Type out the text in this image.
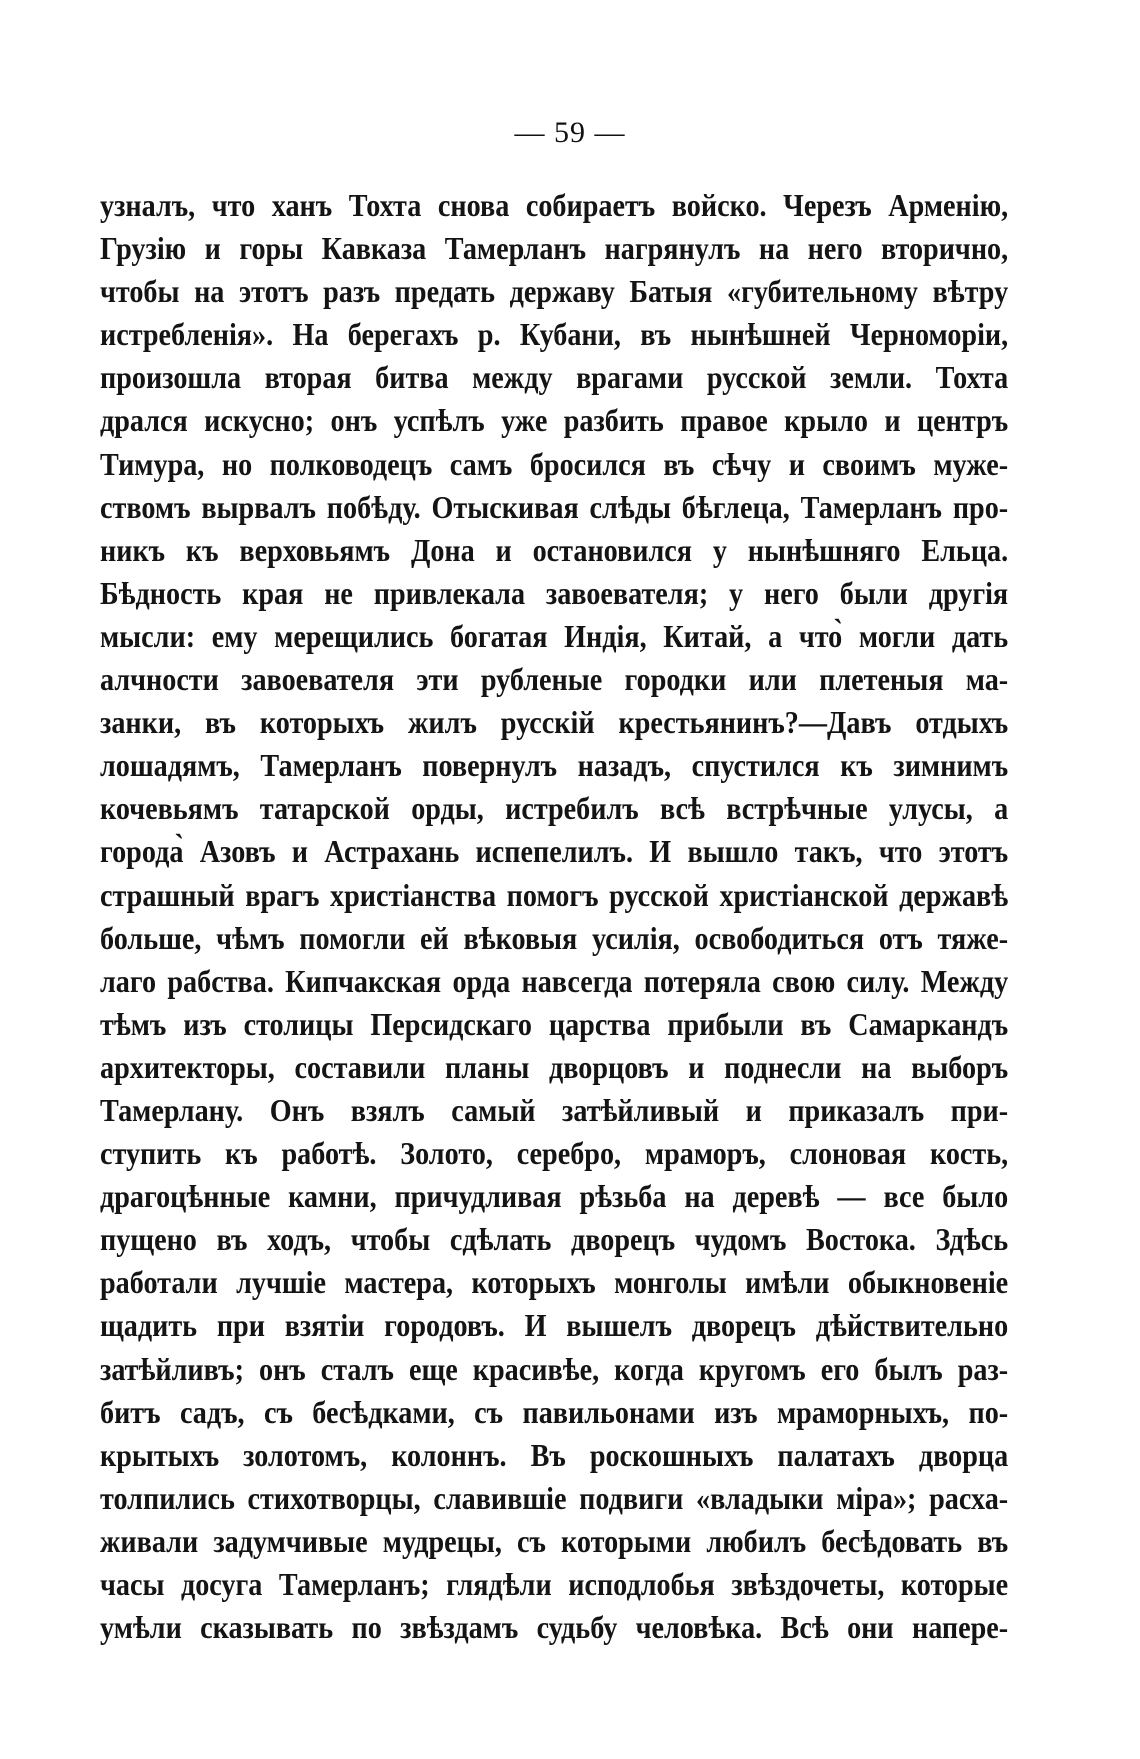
— 59 —
узналъ, что ханъ Тохта снова собираетъ войско. Черезъ Арменію,
Грузію и горы Кавказа Тамерланъ нагрянулъ на него вторично,
чтобы на этотъ разъ предать державу Батыя «губительному вѣтру
истребленія». На берегахъ р. Кубани, въ нынѣшней Черноморіи,
произошла вторая битва между врагами русской земли. Тохта
дрался искусно; онъ успѣлъ уже разбить правое крыло и центръ
Тимура, но полководецъ самъ бросился въ сѣчу и своимъ муже-
ствомъ вырвалъ побѣду. Отыскивая слѣды бѣглеца, Тамерланъ про-
никъ къ верховьямъ Дона и остановился у нынѣшняго Ельца.
Бѣдность края не привлекала завоевателя; у него были другія
мысли: ему мерещились богатая Индія, Китай, а что̀ могли дать
алчности завоевателя эти рубленые городки или плетеныя ма-
занки, въ которыхъ жилъ русскій крестьянинъ?—Давъ отдыхъ
лошадямъ, Тамерланъ повернулъ назадъ, спустился къ зимнимъ
кочевьямъ татарской орды, истребилъ всѣ встрѣчные улусы, а
города̀ Азовъ и Астрахань испепелилъ. И вышло такъ, что этотъ
страшный врагъ христіанства помогъ русской христіанской державѣ
больше, чѣмъ помогли ей вѣковыя усилія, освободиться отъ тяже-
лаго рабства. Кипчакская орда навсегда потеряла свою силу. Между
тѣмъ изъ столицы Персидскаго царства прибыли въ Самаркандъ
архитекторы, составили планы дворцовъ и поднесли на выборъ
Тамерлану. Онъ взялъ самый затѣйливый и приказалъ при-
ступить къ работѣ. Золото, серебро, мраморъ, слоновая кость,
драгоцѣнные камни, причудливая рѣзьба на деревѣ — все было
пущено въ ходъ, чтобы сдѣлать дворецъ чудомъ Востока. Здѣсь
работали лучшіе мастера, которыхъ монголы имѣли обыкновеніе
щадить при взятіи городовъ. И вышелъ дворецъ дѣйствительно
затѣйливъ; онъ сталъ еще красивѣе, когда кругомъ его былъ раз-
битъ садъ, съ бесѣдками, съ павильонами изъ мраморныхъ, по-
крытыхъ золотомъ, колоннъ. Въ роскошныхъ палатахъ дворца
толпились стихотворцы, славившіе подвиги «владыки міра»; расха-
живали задумчивые мудрецы, съ которыми любилъ бесѣдовать въ
часы досуга Тамерланъ; глядѣли исподлобья звѣздочеты, которые
умѣли сказывать по звѣздамъ судьбу человѣка. Всѣ они напере-
